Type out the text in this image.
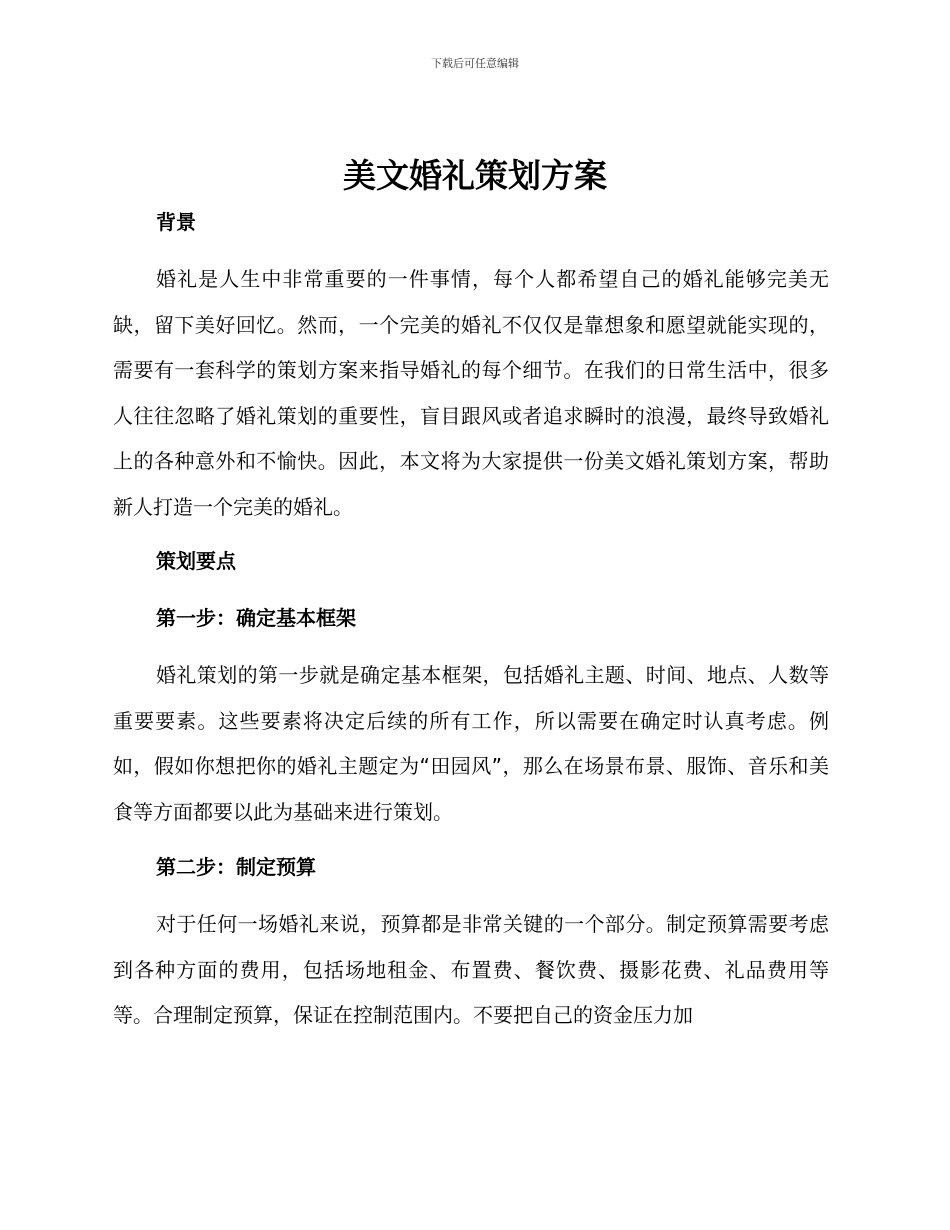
下载后可任意编辑
美文婚礼策划方案
背景
婚礼是人生中非常重要的一件事情，每个人都希望自己的婚礼能够完美无缺，留下美好回忆。然而，一个完美的婚礼不仅仅是靠想象和愿望就能实现的，需要有一套科学的策划方案来指导婚礼的每个细节。在我们的日常生活中，很多人往往忽略了婚礼策划的重要性，盲目跟风或者追求瞬时的浪漫，最终导致婚礼上的各种意外和不愉快。因此，本文将为大家提供一份美文婚礼策划方案，帮助新人打造一个完美的婚礼。
策划要点
第一步：确定基本框架
婚礼策划的第一步就是确定基本框架，包括婚礼主题、时间、地点、人数等重要要素。这些要素将决定后续的所有工作，所以需要在确定时认真考虑。例如，假如你想把你的婚礼主题定为“田园风”，那么在场景布景、服饰、音乐和美食等方面都要以此为基础来进行策划。
第二步：制定预算
对于任何一场婚礼来说，预算都是非常关键的一个部分。制定预算需要考虑到各种方面的费用，包括场地租金、布置费、餐饮费、摄影花费、礼品费用等等。合理制定预算，保证在控制范围内。不要把自己的资金压力加
